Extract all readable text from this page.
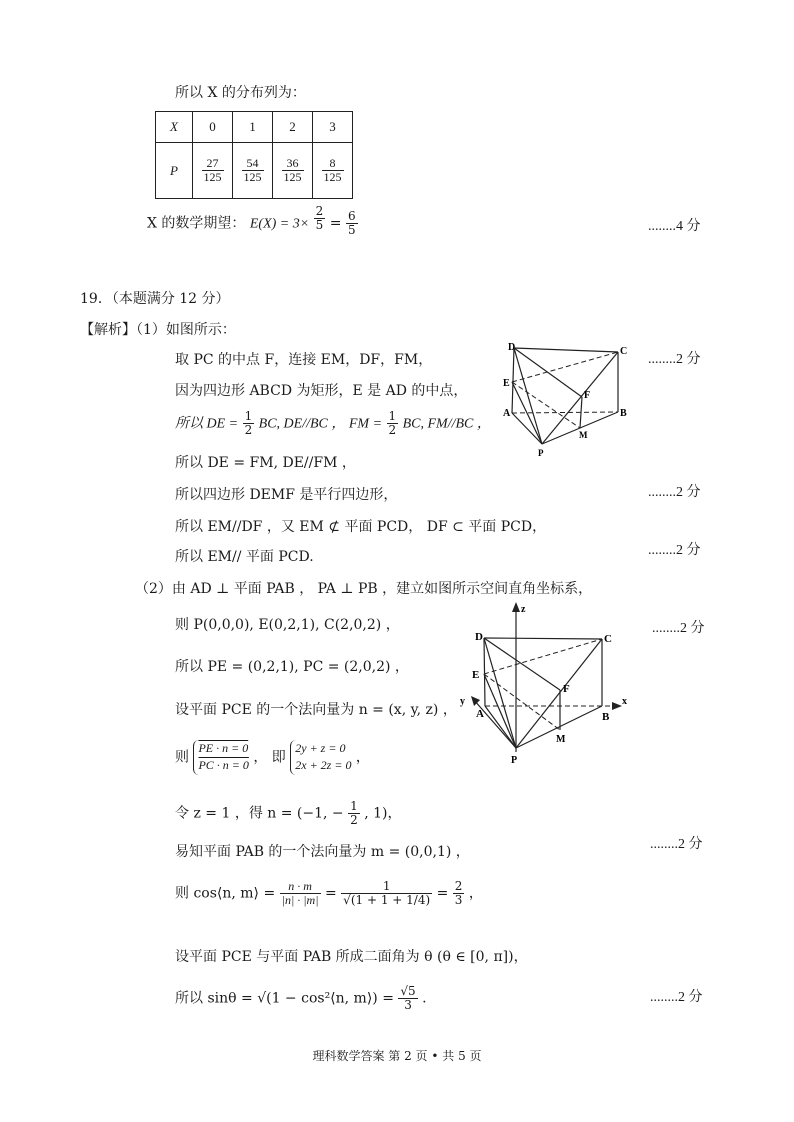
所以 X 的分布列为：
X	0	1	2	3
P	$\frac{27}{125}$	$\frac{54}{125}$	$\frac{36}{125}$	$\frac{8}{125}$
X 的数学期望： $E(X) = 3\times \frac{2}{5} = \frac{6}{5}$	........4 分
19．（本题满分 12 分）
【解析】（1）如图所示：
取 PC 的中点 F，连接 EM，DF，FM，	........2 分
因为四边形 ABCD 为矩形，E 是 AD 的中点，
所以 DE = $\frac{1}{2}$ BC, DE//BC ， FM = $\frac{1}{2}$ BC, FM//BC ，
所以 DE = FM, DE//FM ，
所以四边形 DEMF 是平行四边形，	........2 分
所以 EM//DF ，又 EM ⊄ 平面 PCD， DF ⊂ 平面 PCD，
所以 EM// 平面 PCD.	........2 分
D	C
E
F
A	B
M
P
（2）由 AD ⊥ 平面 PAB ， PA ⊥ PB ，建立如图所示空间直角坐标系，
则 P(0,0,0), E(0,2,1), C(2,0,2) ，	........2 分
所以 PE = (0,2,1), PC = (2,0,2) ，
设平面 PCE 的一个法向量为 n = (x, y, z) ，
则 $\frac{PE \cdot n = 0}{PC \cdot n = 0}$ ， 即
2y + z = 0
2x + 2z = 0 ，
令 z = 1 ，得 n = (−1, − $\frac{1}{2}$ , 1)，
易知平面 PAB 的一个法向量为 m = (0,0,1) ，	........2 分
则 cos⟨n, m⟩ = $\frac{n \cdot m}{|n| \cdot |m|} = \frac{1}{√(1 + 1 + 1/4)} = \frac{2}{3}$ ，
设平面 PCE 与平面 PAB 所成二面角为 θ (θ ∈ [0, π])，
所以 sinθ = √(1 − cos²⟨n, m⟩) = $\frac{√5}{3}$ .	........2 分
z
D	C
E
F
y
A	B
x
M
P
理科数学答案 第 2 页 • 共 5 页
